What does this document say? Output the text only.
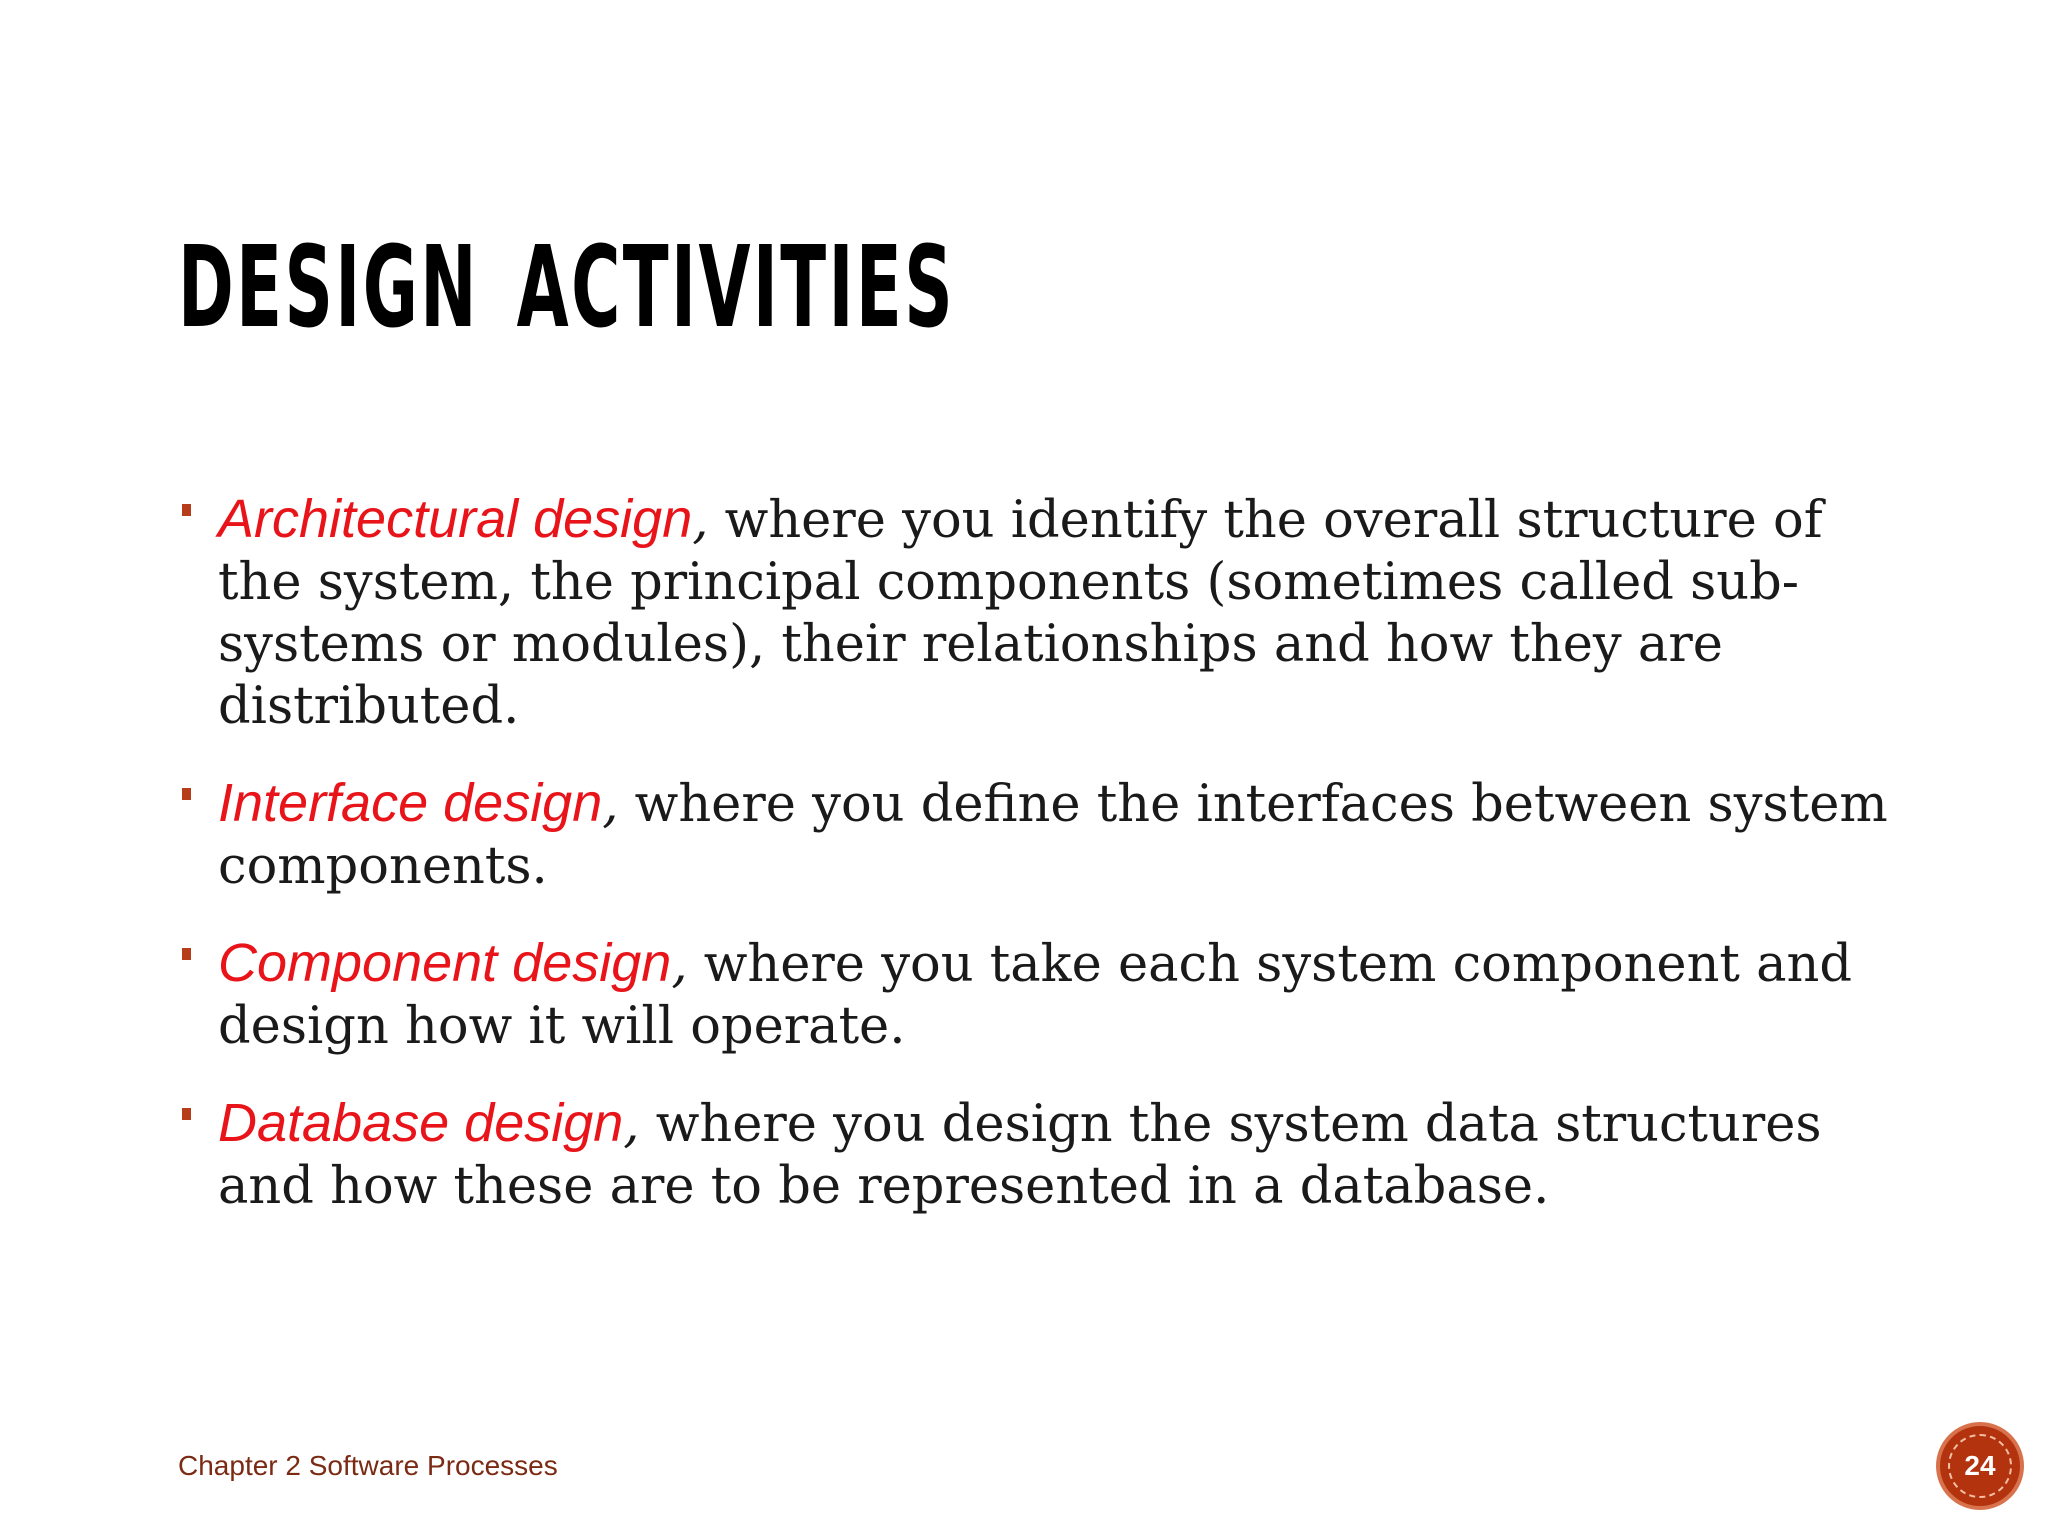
DESIGN ACTIVITIES
Architectural design, where you identify the overall structure of the system, the principal components (sometimes called sub-systems or modules), their relationships and how they are distributed.
Interface design, where you define the interfaces between system components.
Component design, where you take each system component and design how it will operate.
Database design, where you design the system data structures and how these are to be represented in a database.
Chapter 2 Software Processes	24
